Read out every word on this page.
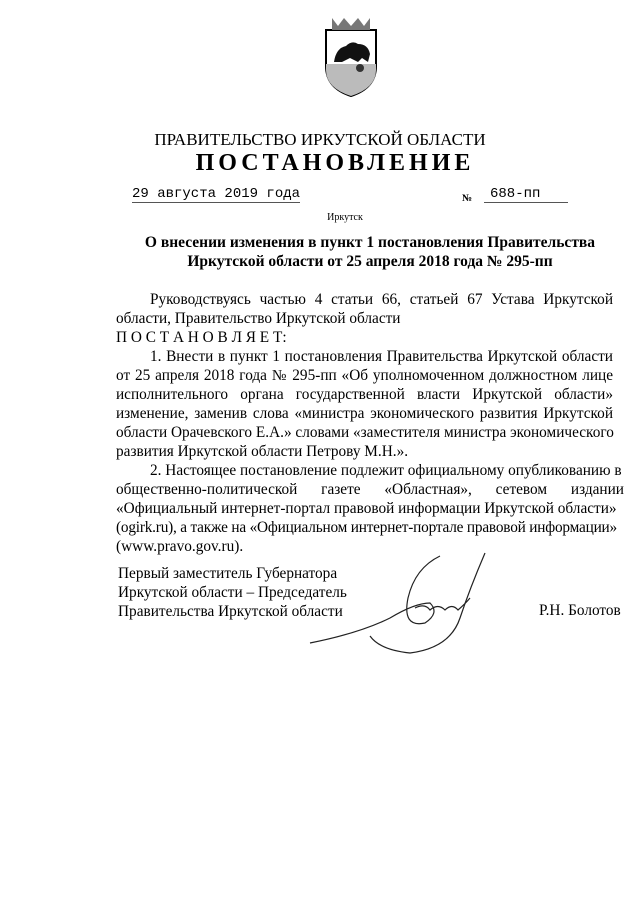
ПРАВИТЕЛЬСТВО ИРКУТСКОЙ ОБЛАСТИ
ПОСТАНОВЛЕНИЕ
29 августа 2019 года	№	688-пп
Иркутск
О внесении изменения в пункт 1 постановления Правительства
Иркутской области от 25 апреля 2018 года № 295-пп
Руководствуясь частью 4 статьи 66, статьей 67 Устава Иркутской
области, Правительство Иркутской области
П О С Т А Н О В Л Я Е Т:
1. Внести в пункт 1 постановления Правительства Иркутской области
от 25 апреля 2018 года № 295-пп «Об уполномоченном должностном лице
исполнительного органа государственной власти Иркутской области»
изменение, заменив слова «министра экономического развития Иркутской
области Орачевского Е.А.» словами «заместителя министра экономического
развития Иркутской области Петрову М.Н.».
2. Настоящее постановление подлежит официальному опубликованию в
общественно-политической газете «Областная», сетевом издании
«Официальный интернет-портал правовой информации Иркутской области»
(ogirk.ru), а также на «Официальном интернет-портале правовой информации»
(www.pravo.gov.ru).
Первый заместитель Губернатора
Иркутской области – Председатель
Правительства Иркутской области	Р.Н. Болотов
